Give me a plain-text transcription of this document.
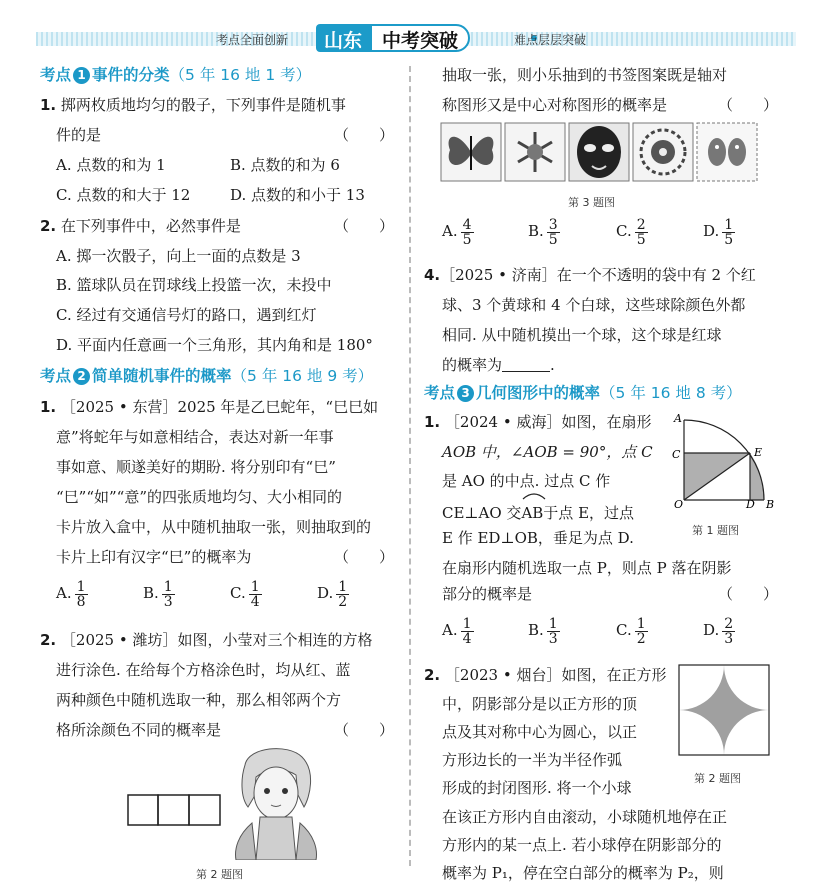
考点全面创新	山东	中考突破	难点层层突破
考点 1 事件的分类（5 年 16 地 1 考）
1. 掷两枚质地均匀的骰子，下列事件是随机事
件的是	（　　）
A. 点数的和为 1	B. 点数的和为 6
C. 点数的和大于 12	D. 点数的和小于 13
2. 在下列事件中，必然事件是	（　　）
A. 掷一次骰子，向上一面的点数是 3
B. 篮球队员在罚球线上投篮一次，未投中
C. 经过有交通信号灯的路口，遇到红灯
D. 平面内任意画一个三角形，其内角和是 180°
考点 2 简单随机事件的概率（5 年 16 地 9 考）
1. ［2025 • 东营］2025 年是乙巳蛇年，“巳巳如
意”将蛇年与如意相结合，表达对新一年事
事如意、顺遂美好的期盼. 将分别印有“巳”
“巳”“如”“意”的四张质地均匀、大小相同的
卡片放入盒中，从中随机抽取一张，则抽取到的
卡片上印有汉字“巳”的概率为	（　　）
A. $\frac{1}{8}$	B. $\frac{1}{3}$	C. $\frac{1}{4}$	D. $\frac{1}{2}$
2. ［2025 • 潍坊］如图，小莹对三个相连的方格
进行涂色. 在给每个方格涂色时，均从红、蓝
两种颜色中随机选取一种，那么相邻两个方
格所涂颜色不同的概率是	（　　）
第 2 题图
抽取一张，则小乐抽到的书签图案既是轴对
称图形又是中心对称图形的概率是	（　　）
第 3 题图
A. $\frac{4}{5}$	B. $\frac{3}{5}$	C. $\frac{2}{5}$	D. $\frac{1}{5}$
4.［2025 • 济南］在一个不透明的袋中有 2 个红
球、3 个黄球和 4 个白球，这些球除颜色外都
相同. 从中随机摸出一个球，这个球是红球
的概率为	.
考点 3 几何图形中的概率（5 年 16 地 8 考）
1. ［2024 • 威海］如图，在扇形
AOB 中，∠AOB = 90°，点 C
是 AO 的中点. 过点 C 作
CE⊥AO 交
AB于点 E，过点
E 作 ED⊥OB，垂足为点 D.
在扇形内随机选取一点 P，则点 P 落在阴影
部分的概率是	（　　）
A
C	E
O	D B
第 1 题图
A. $\frac{1}{4}$	B. $\frac{1}{3}$	C. $\frac{1}{2}$	D. $\frac{2}{3}$
2. ［2023 • 烟台］如图，在正方形
中，阴影部分是以正方形的顶
点及其对称中心为圆心，以正
方形边长的一半为半径作弧
形成的封闭图形. 将一个小球
在该正方形内自由滚动，小球随机地停在正
方形内的某一点上. 若小球停在阴影部分的
概率为 P₁，停在空白部分的概率为 P₂，则
第 2 题图
